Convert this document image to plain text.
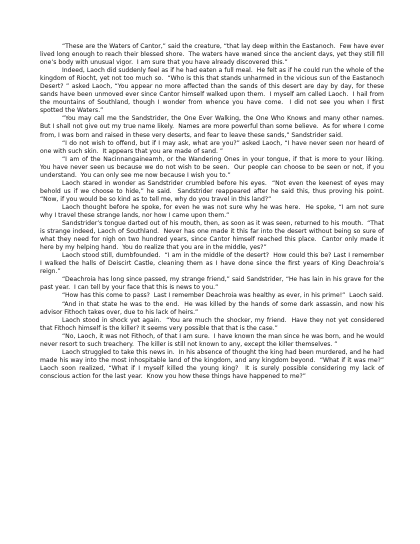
“These are the Waters of Cantor,” said the creature, “that lay deep within the Eastanoch.  Few have ever lived long enough to reach their blessed shore.  The waters have waned since the ancient days, yet they still fill one’s body with unusual vigor.  I am sure that you have already discovered this.”

Indeed, Laoch did suddenly feel as if he had eaten a full meal.  He felt as if he could run the whole of the kingdom of Riocht, yet not too much so.  “Who is this that stands unharmed in the vicious sun of the Eastanoch Desert? ” asked Laoch, “You appear no more affected than the sands of this desert are day by day, for these sands have been unmoved ever since Cantor himself walked upon them.  I myself am called Laoch.  I hail from the mountains of Southland, though I wonder from whence you have come.  I did not see you when I first spotted the Waters.”

“You may call me the Sandstrider, the One Ever Walking, the One Who Knows and many other names.  But I shall not give out my true name likely.  Names are more powerful than some believe.  As for where I come from, I was born and raised in these very deserts, and fear to leave these sands,” Sandstrider said.

“I do not wish to offend, but if I may ask, what are you?” asked Laoch, “I have never seen nor heard of one with such skin.  It appears that you are made of sand. ”

“I am of the Nacinnangaineamh, or the Wandering Ones in your tongue, if that is more to your liking.  You have never seen us because we do not wish to be seen.  Our people can choose to be seen or not, if you understand.  You can only see me now because I wish you to.”

Laoch stared in wonder as Sandstrider crumbled before his eyes.  “Not even the keenest of eyes may behold us if we choose to hide,” he said.  Sandstrider reappeared after he said this, thus proving his point.  “Now, if you would be so kind as to tell me, why do you travel in this land?”

Laoch thought before he spoke, for even he was not sure why he was here.  He spoke, “I am not sure why I travel these strange lands, nor how I came upon them.”

Sandstrider’s tongue darted out of his mouth, then, as soon as it was seen, returned to his mouth.  “That is strange indeed, Laoch of Southland.  Never has one made it this far into the desert without being so sure of what they need for nigh on two hundred years, since Cantor himself reached this place.  Cantor only made it here by my helping hand.  You do realize that you are in the middle, yes?”

Laoch stood still, dumbfounded.  “I am in the middle of the desert?  How could this be? Last I remember I walked the halls of Deiscirt Castle, cleaning them as I have done since the first years of King Deachroia’s reign.”

“Deachroia has long since passed, my strange friend,” said Sandstrider, “He has lain in his grave for the past year.  I can tell by your face that this is news to you.”

“How has this come to pass?  Last I remember Deachroia was healthy as ever, in his prime!”  Laoch said.

“And in that state he was to the end.  He was killed by the hands of some dark assassin, and now his advisor Fithoch takes over, due to his lack of heirs.”

Laoch stood in shock yet again.  “You are much the shocker, my friend.  Have they not yet considered that Fithoch himself is the killer? It seems very possible that that is the case.”

“No, Laoch, it was not Fithoch, of that I am sure.  I have known the man since he was born, and he would never resort to such treachery.  The killer is still not known to any, except the killer themselves. ”

Laoch struggled to take this news in.  In his absence of thought the king had been murdered, and he had made his way into the most inhospitable land of the kingdom, and any kingdom beyond.  “What if it was me?” Laoch soon realized, “What if I myself killed the young king?  It is surely possible considering my lack of conscious action for the last year.  Know you how these things have happened to me?”
